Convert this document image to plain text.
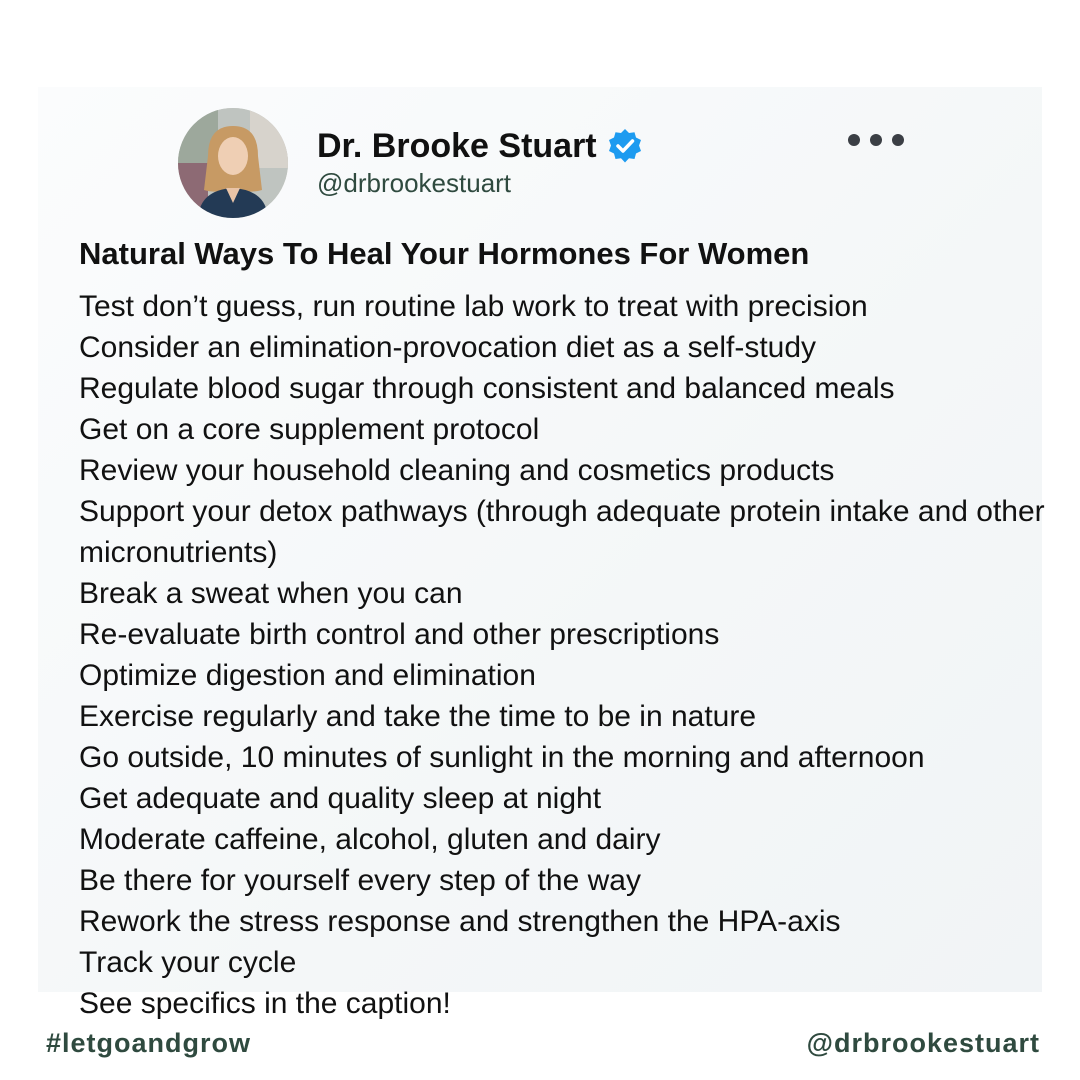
Dr. Brooke Stuart
@drbrookestuart
Natural Ways To Heal Your Hormones For Women
Test don’t guess, run routine lab work to treat with precision
Consider an elimination-provocation diet as a self-study
Regulate blood sugar through consistent and balanced meals
Get on a core supplement protocol
Review your household cleaning and cosmetics products
Support your detox pathways (through adequate protein intake and other micronutrients)
Break a sweat when you can
Re-evaluate birth control and other prescriptions
Optimize digestion and elimination
Exercise regularly and take the time to be in nature
Go outside, 10 minutes of sunlight in the morning and afternoon
Get adequate and quality sleep at night
Moderate caffeine, alcohol, gluten and dairy
Be there for yourself every step of the way
Rework the stress response and strengthen the HPA-axis
Track your cycle
See specifics in the caption!
#letgoandgrow	@drbrookestuart
